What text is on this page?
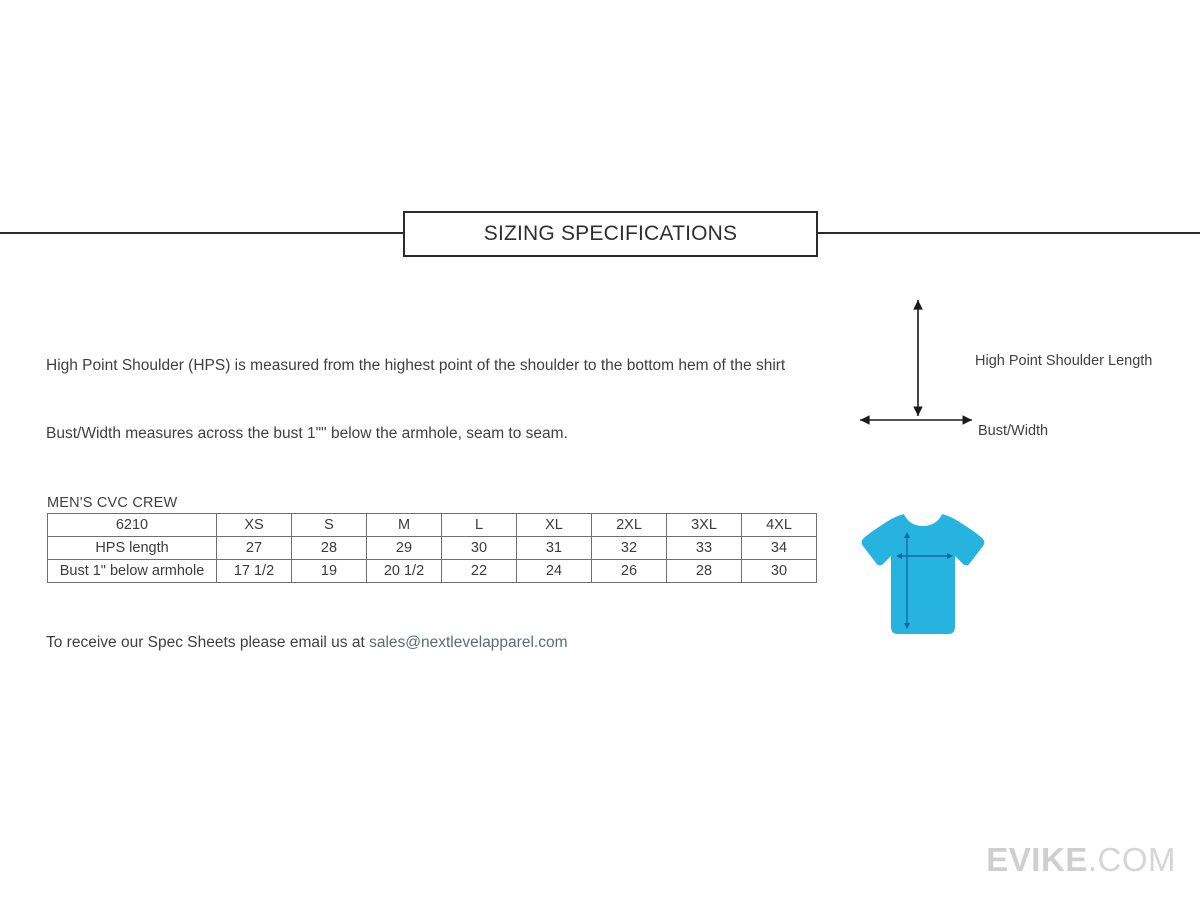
SIZING SPECIFICATIONS
High Point Shoulder (HPS) is measured from the highest point of the shoulder to the bottom hem of the shirt
Bust/Width measures across the bust 1"" below the armhole, seam to seam.
High Point Shoulder Length
Bust/Width
MEN'S CVC CREW
6210	XS	S	M	L	XL	2XL	3XL	4XL
HPS length	27	28	29	30	31	32	33	34
Bust 1" below armhole	17 1/2	19	20 1/2	22	24	26	28	30
To receive our Spec Sheets please email us at sales@nextlevelapparel.com
EVIKE.COM
